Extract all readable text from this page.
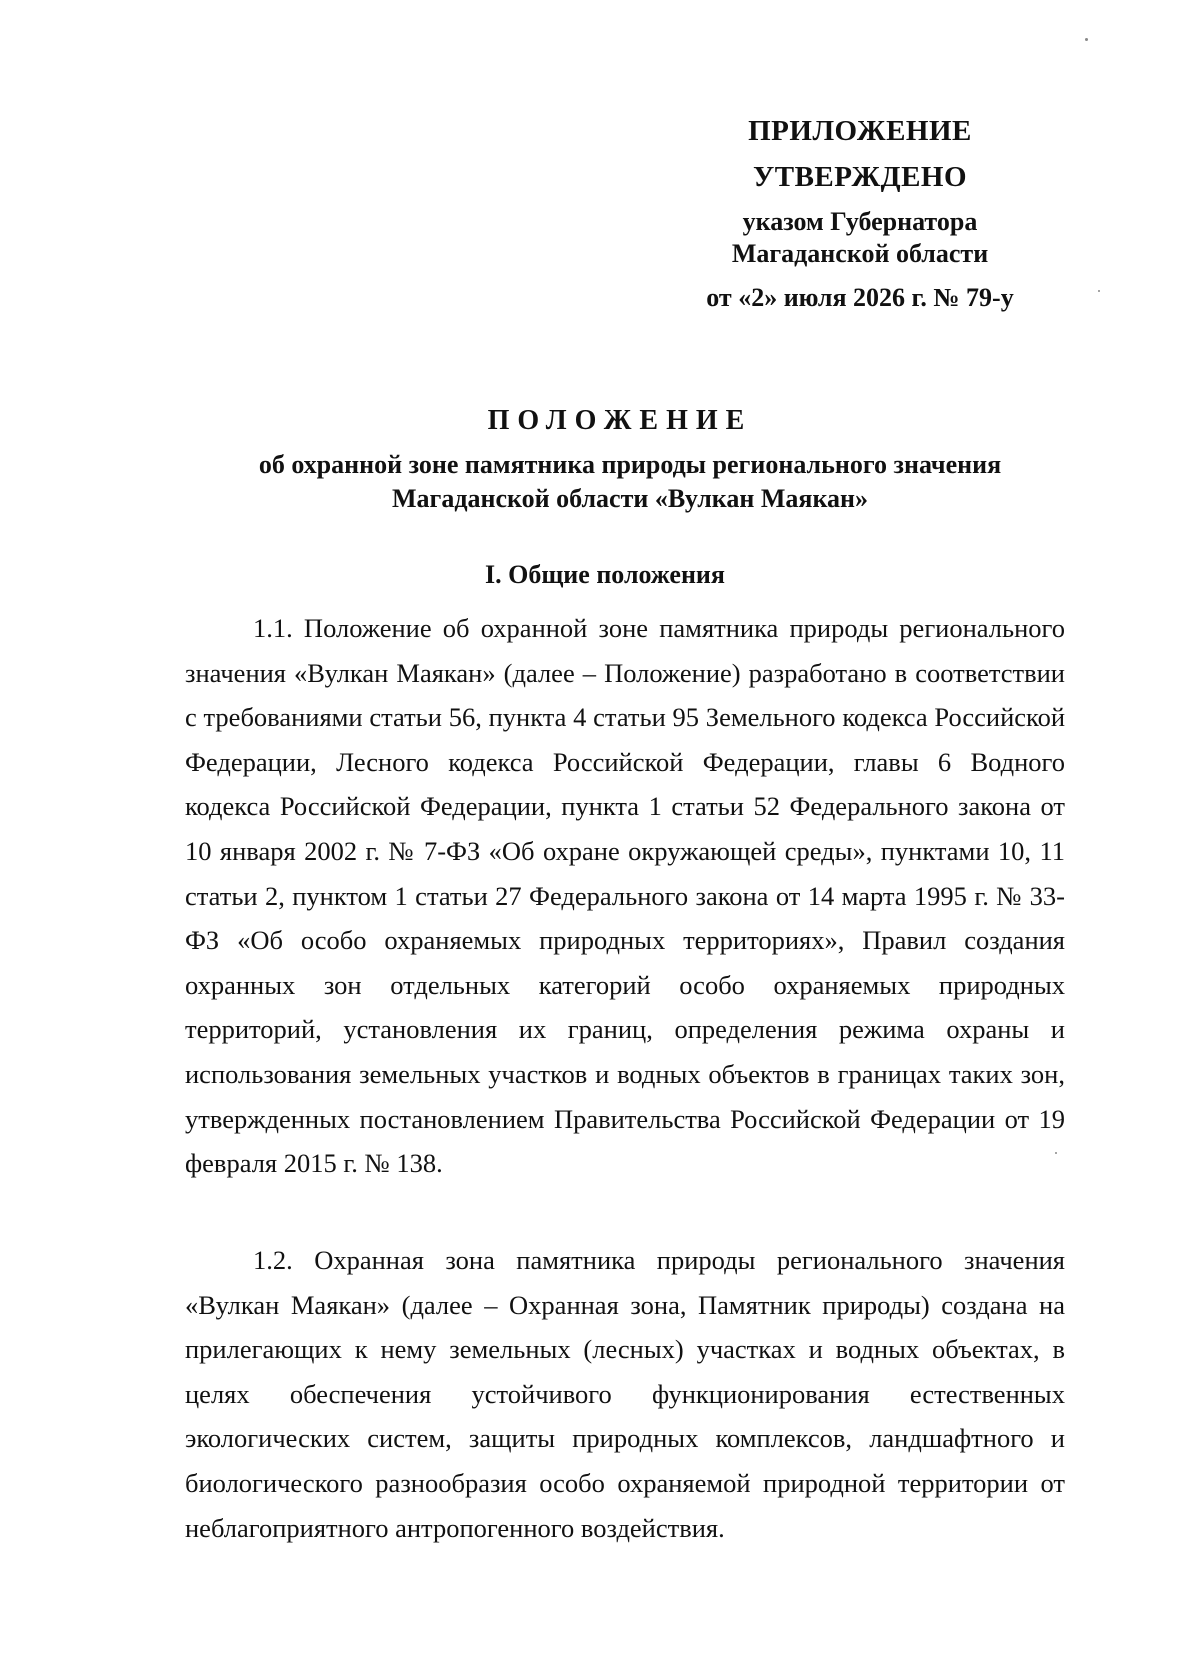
ПРИЛОЖЕНИЕ
УТВЕРЖДЕНО
указом Губернатора
Магаданской области
от «2» июля 2026 г. № 79-у
ПОЛОЖЕНИЕ
об охранной зоне памятника природы регионального значения
Магаданской области «Вулкан Маякан»
I. Общие положения

1.1. Положение об охранной зоне памятника природы регионального значения «Вулкан Маякан» (далее – Положение) разработано в соответствии с требованиями статьи 56, пункта 4 статьи 95 Земельного кодекса Российской Федерации, Лесного кодекса Российской Федерации, главы 6 Водного кодекса Российской Федерации, пункта 1 статьи 52 Федерального закона от 10 января 2002 г. № 7-ФЗ «Об охране окружающей среды», пунктами 10, 11 статьи 2, пунктом 1 статьи 27 Федерального закона от 14 марта 1995 г. № 33-ФЗ «Об особо охраняемых природных территориях», Правил создания охранных зон отдельных категорий особо охраняемых природных территорий, установления их границ, определения режима охраны и использования земельных участков и водных объектов в границах таких зон, утвержденных постановлением Правительства Российской Федерации от 19 февраля 2015 г. № 138.

1.2. Охранная зона памятника природы регионального значения «Вулкан Маякан» (далее – Охранная зона, Памятник природы) создана на прилегающих к нему земельных (лесных) участках и водных объектах, в целях обеспечения устойчивого функционирования естественных экологических систем, защиты природных комплексов, ландшафтного и биологического разнообразия особо охраняемой природной территории от неблагоприятного антропогенного воздействия.
